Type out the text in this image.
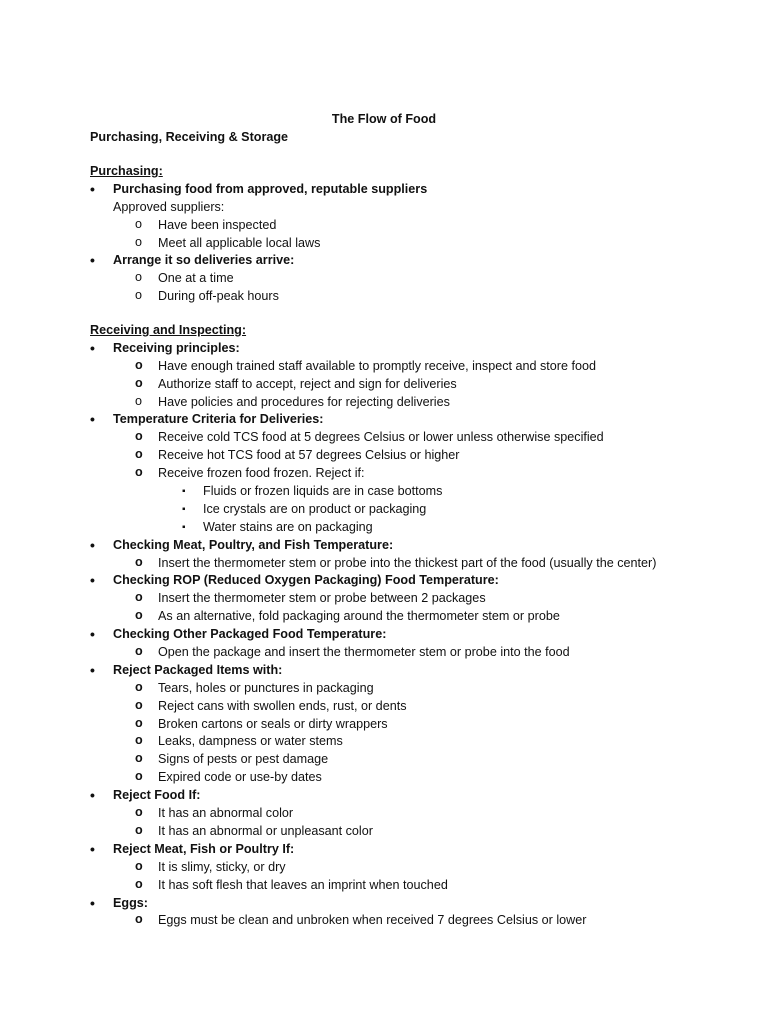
The Flow of Food
Purchasing, Receiving & Storage
Purchasing:
• Purchasing food from approved, reputable suppliers
Approved suppliers:
o Have been inspected
o Meet all applicable local laws
• Arrange it so deliveries arrive:
o One at a time
o During off-peak hours
Receiving and Inspecting:
• Receiving principles:
o Have enough trained staff available to promptly receive, inspect and store food
o Authorize staff to accept, reject and sign for deliveries
o Have policies and procedures for rejecting deliveries
• Temperature Criteria for Deliveries:
o Receive cold TCS food at 5 degrees Celsius or lower unless otherwise specified
o Receive hot TCS food at 57 degrees Celsius or higher
o Receive frozen food frozen. Reject if:
▪ Fluids or frozen liquids are in case bottoms
▪ Ice crystals are on product or packaging
▪ Water stains are on packaging
• Checking Meat, Poultry, and Fish Temperature:
o Insert the thermometer stem or probe into the thickest part of the food (usually the center)
• Checking ROP (Reduced Oxygen Packaging) Food Temperature:
o Insert the thermometer stem or probe between 2 packages
o As an alternative, fold packaging around the thermometer stem or probe
• Checking Other Packaged Food Temperature:
o Open the package and insert the thermometer stem or probe into the food
• Reject Packaged Items with:
o Tears, holes or punctures in packaging
o Reject cans with swollen ends, rust, or dents
o Broken cartons or seals or dirty wrappers
o Leaks, dampness or water stems
o Signs of pests or pest damage
o Expired code or use-by dates
• Reject Food If:
o It has an abnormal color
o It has an abnormal or unpleasant color
• Reject Meat, Fish or Poultry If:
o It is slimy, sticky, or dry
o It has soft flesh that leaves an imprint when touched
• Eggs:
o Eggs must be clean and unbroken when received 7 degrees Celsius or lower
